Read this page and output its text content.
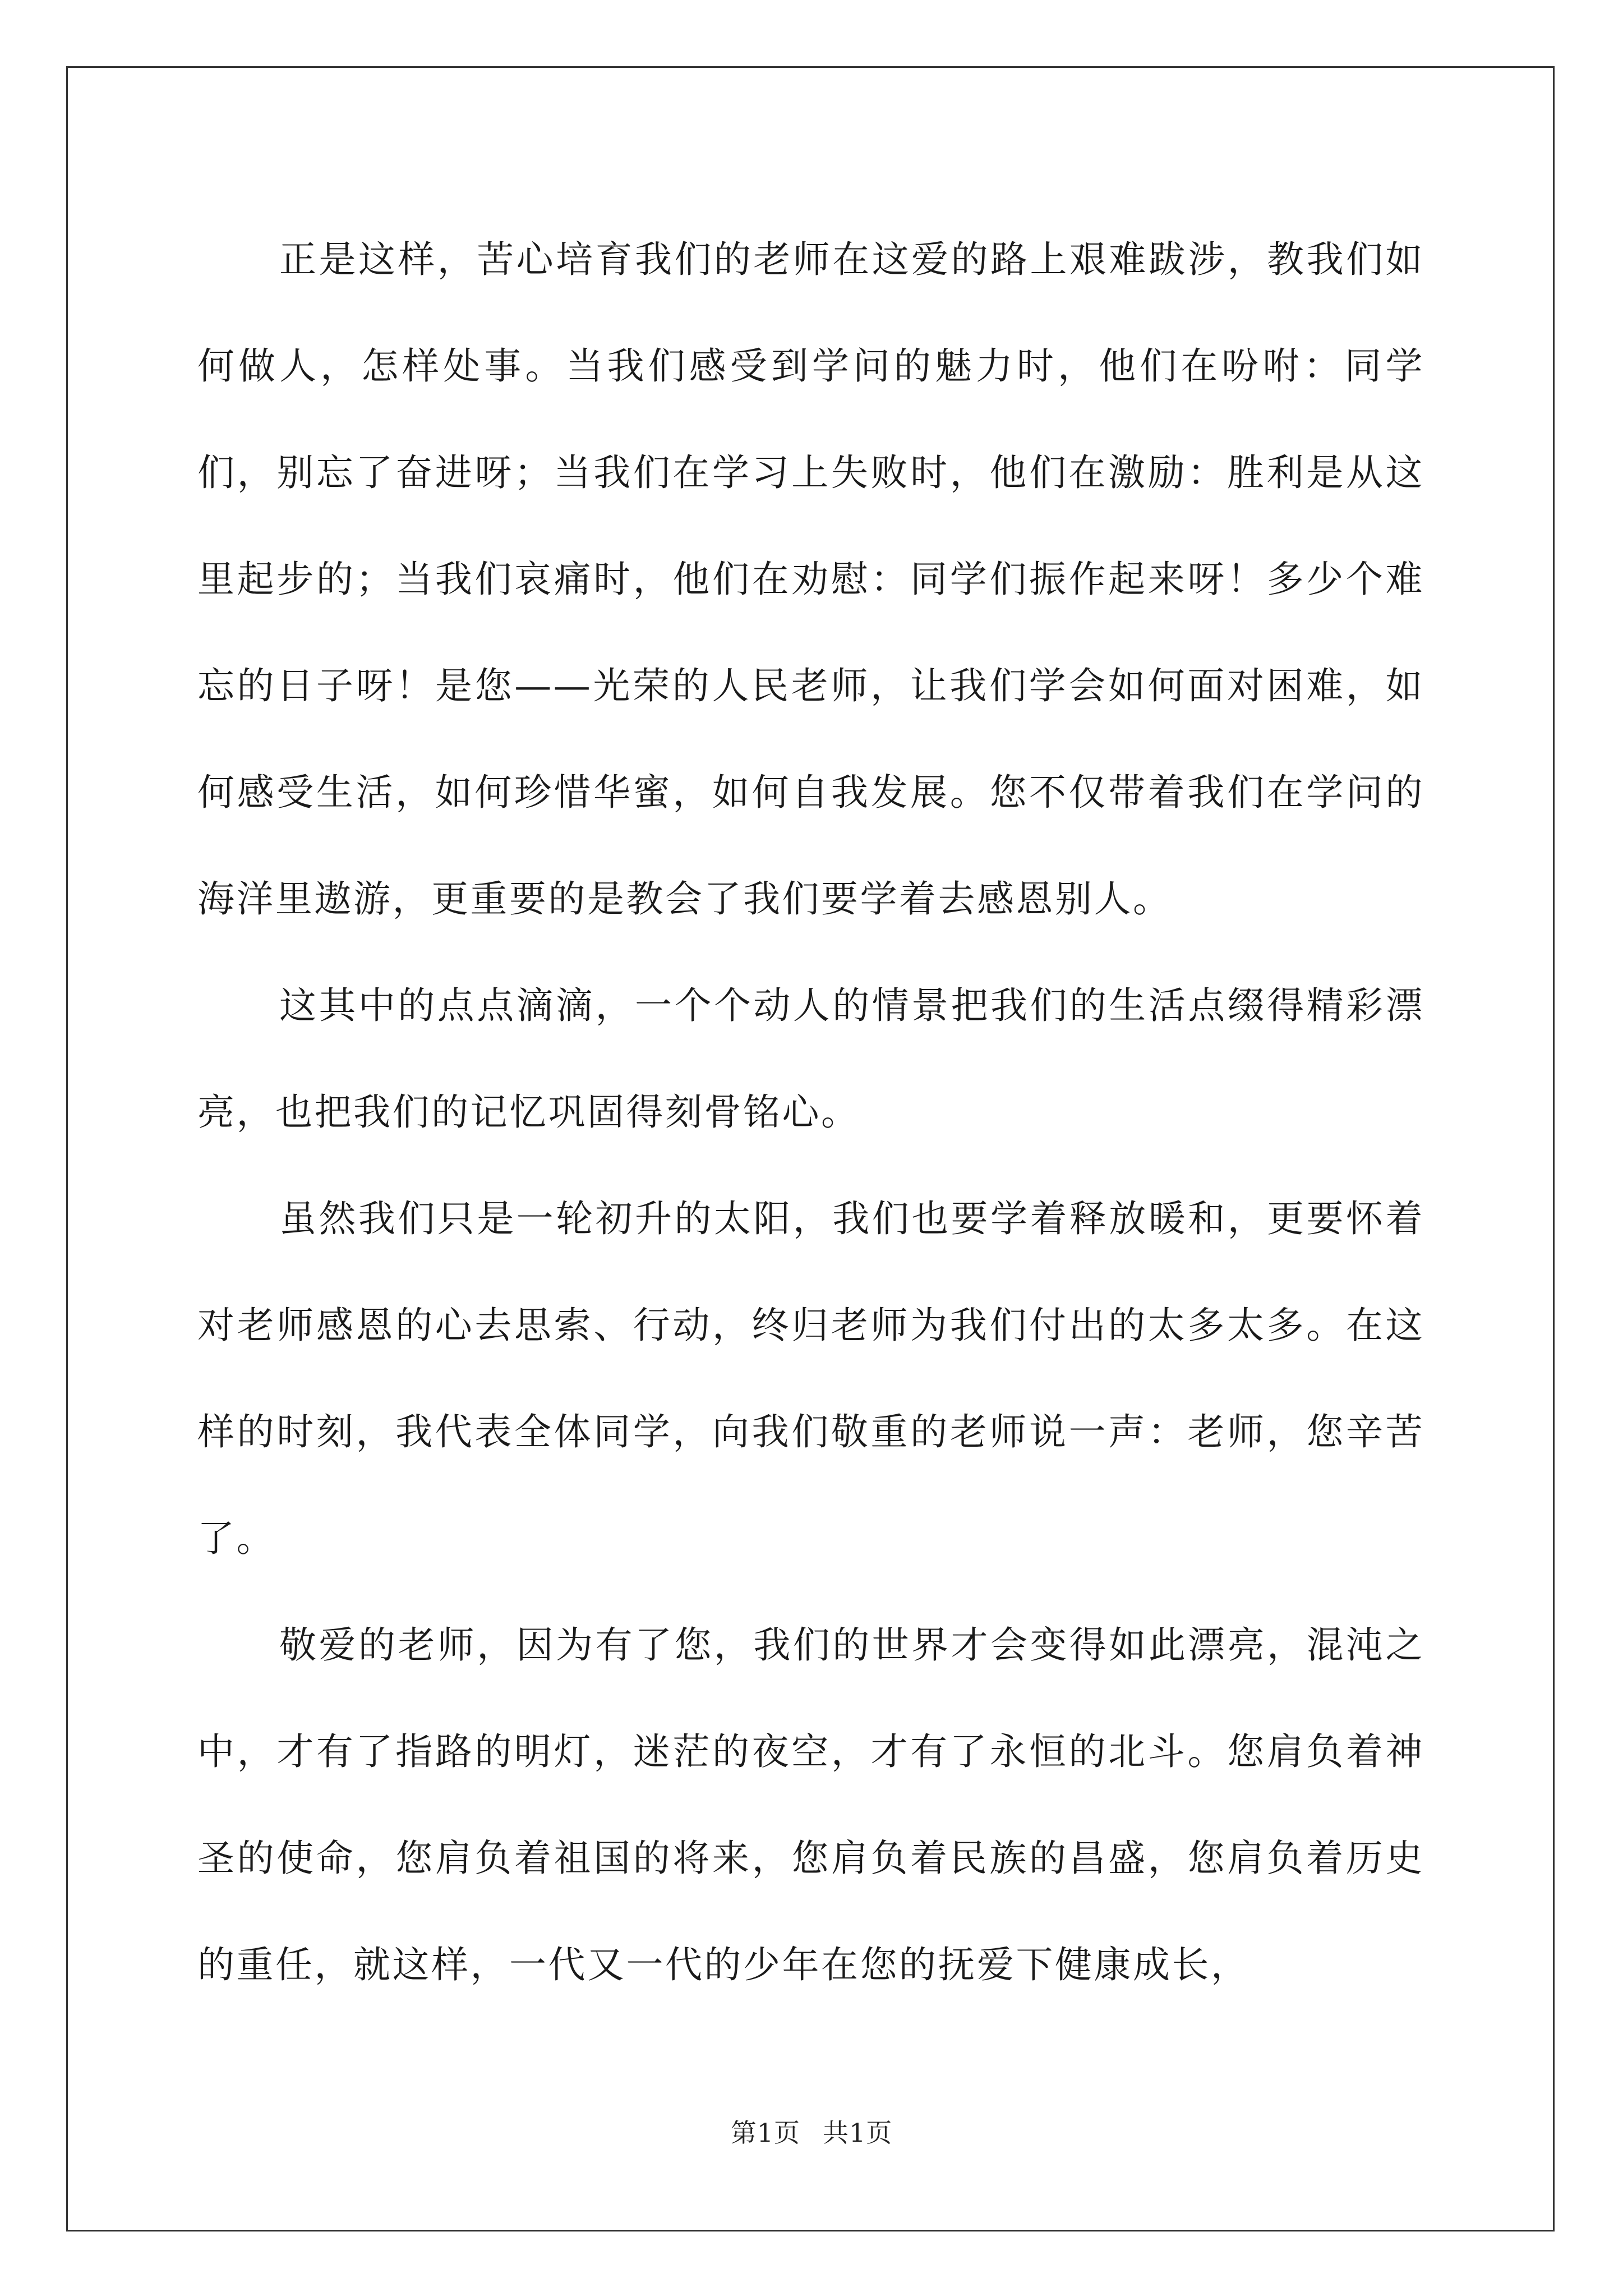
正是这样，苦心培育我们的老师在这爱的路上艰难跋涉，教我们如何做人，怎样处事。当我们感受到学问的魅力时，他们在吩咐：同学们，别忘了奋进呀；当我们在学习上失败时，他们在激励：胜利是从这里起步的；当我们哀痛时，他们在劝慰：同学们振作起来呀！多少个难忘的日子呀！是您——光荣的人民老师，让我们学会如何面对困难，如何感受生活，如何珍惜华蜜，如何自我发展。您不仅带着我们在学问的海洋里遨游，更重要的是教会了我们要学着去感恩别人。

这其中的点点滴滴，一个个动人的情景把我们的生活点缀得精彩漂亮，也把我们的记忆巩固得刻骨铭心。

虽然我们只是一轮初升的太阳，我们也要学着释放暖和，更要怀着对老师感恩的心去思索、行动，终归老师为我们付出的太多太多。在这样的时刻，我代表全体同学，向我们敬重的老师说一声：老师，您辛苦了。

敬爱的老师，因为有了您，我们的世界才会变得如此漂亮，混沌之中，才有了指路的明灯，迷茫的夜空，才有了永恒的北斗。您肩负着神圣的使命，您肩负着祖国的将来，您肩负着民族的昌盛，您肩负着历史的重任，就这样，一代又一代的少年在您的抚爱下健康成长，

第1页 共1页
